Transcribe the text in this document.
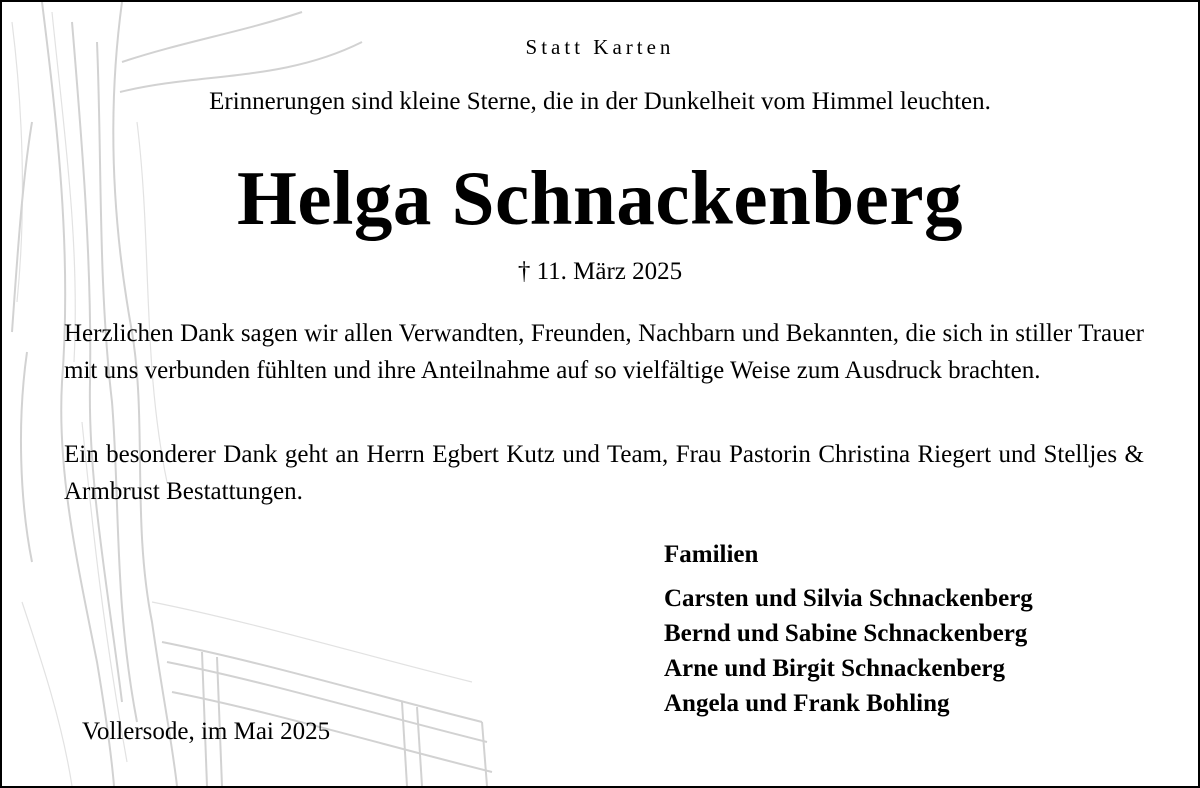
Statt Karten
Erinnerungen sind kleine Sterne, die in der Dunkelheit vom Himmel leuchten.
Helga Schnackenberg
† 11. März 2025
Herzlichen Dank sagen wir allen Verwandten, Freunden, Nachbarn und Bekannten, die sich in stiller Trauer mit uns verbunden fühlten und ihre Anteilnahme auf so vielfältige Weise zum Ausdruck brachten.
Ein besonderer Dank geht an Herrn Egbert Kutz und Team, Frau Pastorin Christina Riegert und Stelljes & Armbrust Bestattungen.
Familien
Carsten und Silvia Schnackenberg
Bernd und Sabine Schnackenberg
Arne und Birgit Schnackenberg
Angela und Frank Bohling
Vollersode, im Mai 2025
